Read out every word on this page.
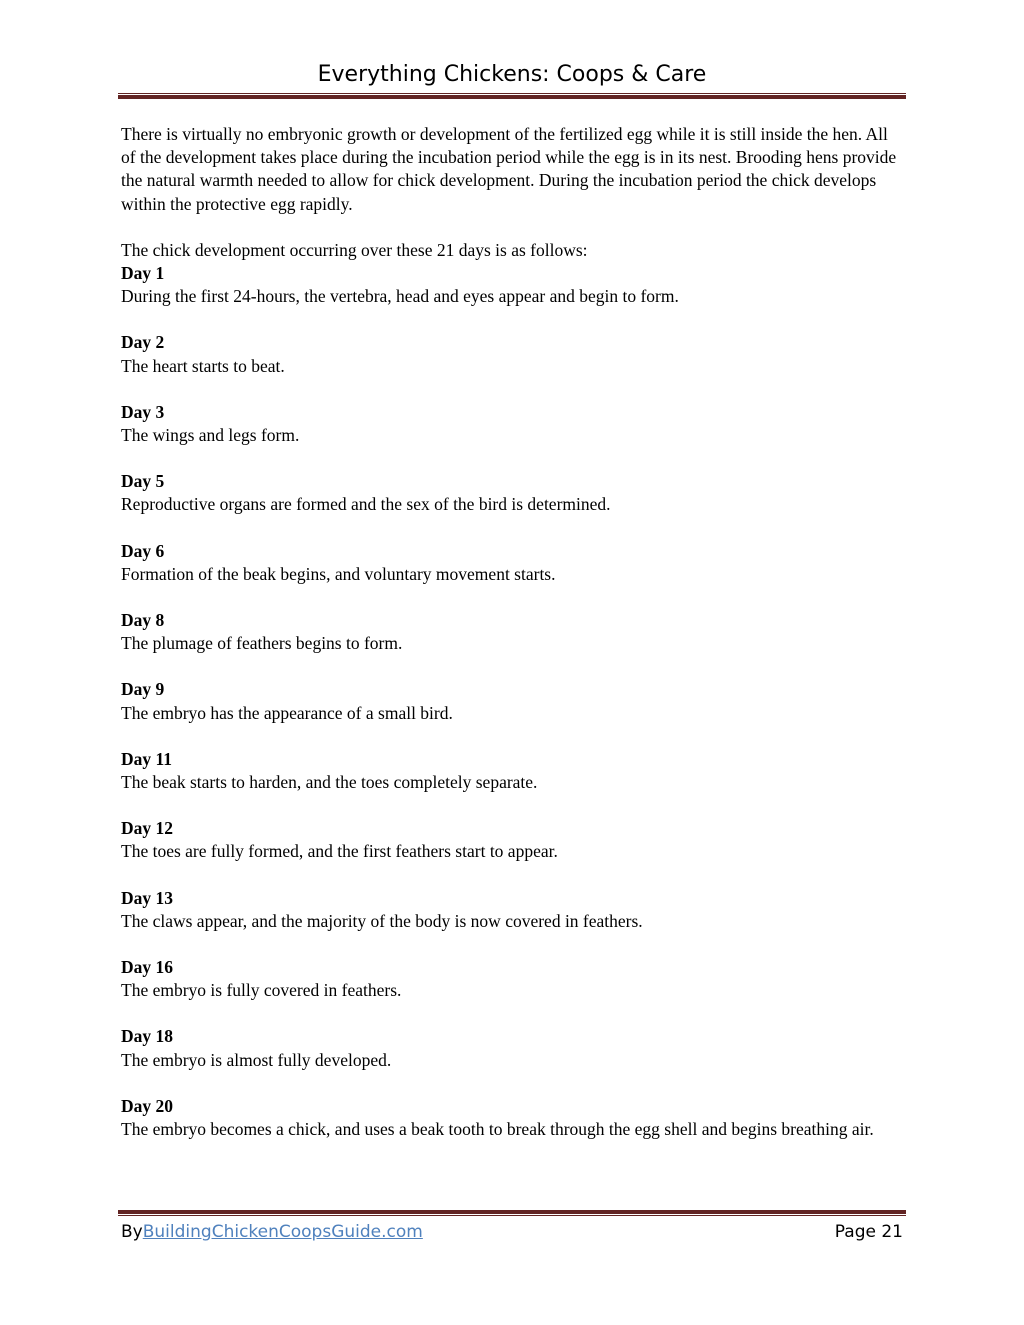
Everything Chickens: Coops & Care

There is virtually no embryonic growth or development of the fertilized egg while it is still inside the hen. All of the development takes place during the incubation period while the egg is in its nest. Brooding hens provide the natural warmth needed to allow for chick development. During the incubation period the chick develops within the protective egg rapidly.

The chick development occurring over these 21 days is as follows:

Day 1
During the first 24-hours, the vertebra, head and eyes appear and begin to form.
Day 2
The heart starts to beat.
Day 3
The wings and legs form.
Day 5
Reproductive organs are formed and the sex of the bird is determined.
Day 6
Formation of the beak begins, and voluntary movement starts.
Day 8
The plumage of feathers begins to form.
Day 9
The embryo has the appearance of a small bird.
Day 11
The beak starts to harden, and the toes completely separate.
Day 12
The toes are fully formed, and the first feathers start to appear.
Day 13
The claws appear, and the majority of the body is now covered in feathers.
Day 16
The embryo is fully covered in feathers.
Day 18
The embryo is almost fully developed.
Day 20
The embryo becomes a chick, and uses a beak tooth to break through the egg shell and begins breathing air.
ByBuildingChickenCoopsGuide.com	Page 21
